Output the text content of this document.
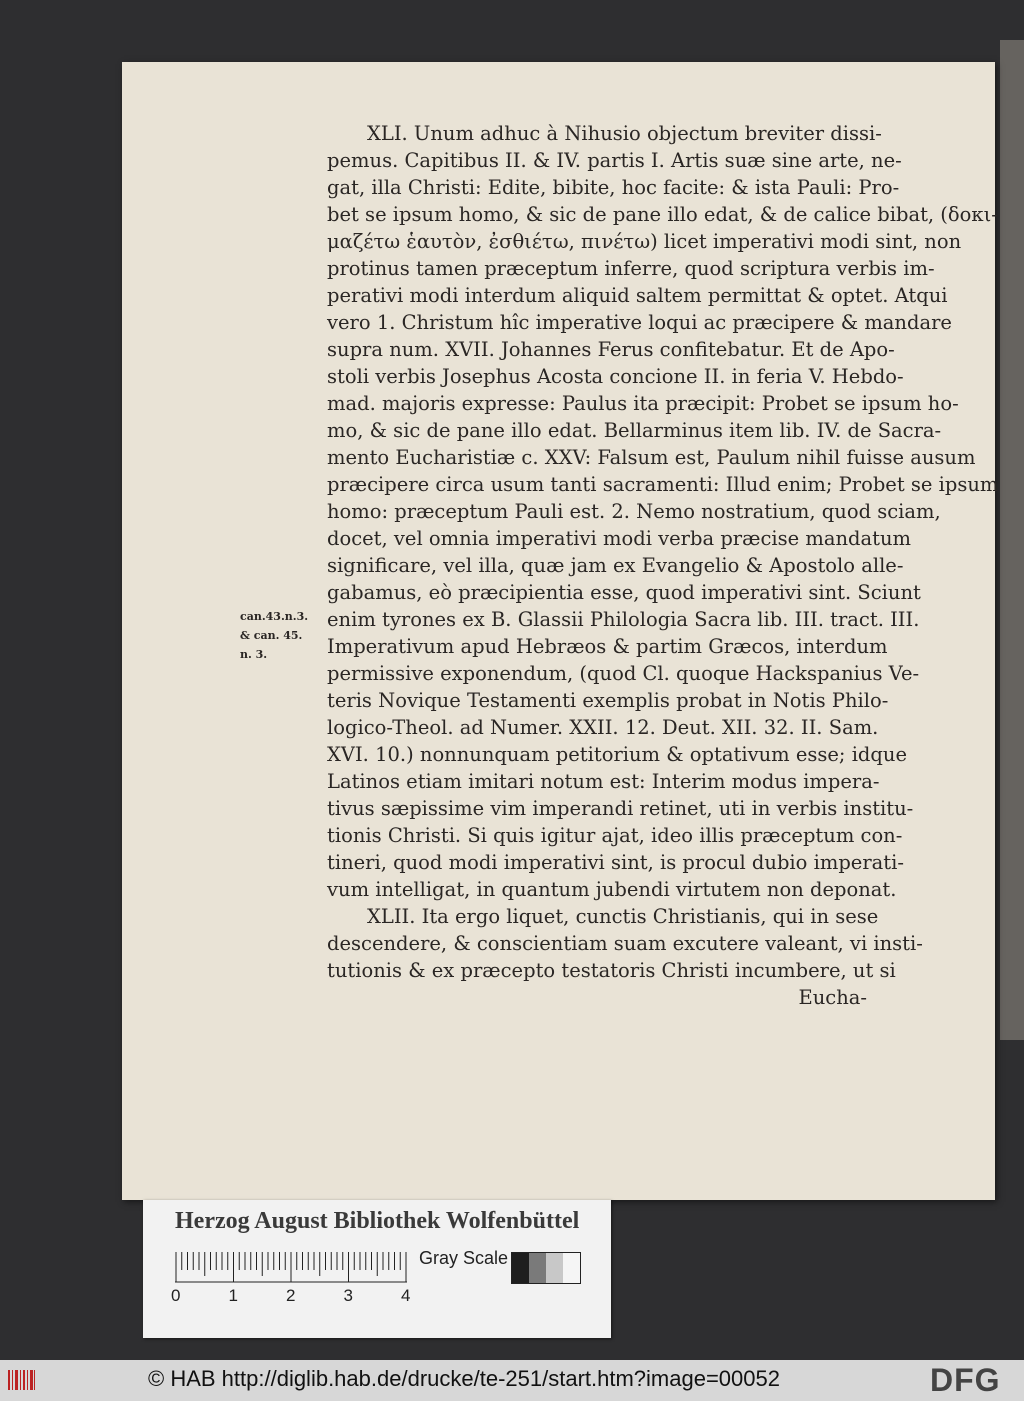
XLI. Unum adhuc à Nihusio objectum breviter dissi-
pemus. Capitibus II. & IV. partis I. Artis suæ sine arte, ne-
gat, illa Christi: Edite, bibite, hoc facite: & ista Pauli: Pro-
bet se ipsum homo, & sic de pane illo edat, & de calice bibat, (δοκι-
μαζέτω ἑαυτὸν, ἐσθιέτω, πινέτω) licet imperativi modi sint, non
protinus tamen præceptum inferre, quod scriptura verbis im-
perativi modi interdum aliquid saltem permittat & optet. Atqui
vero 1. Christum hîc imperative loqui ac præcipere & mandare
supra num. XVII. Johannes Ferus confitebatur. Et de Apo-
stoli verbis Josephus Acosta concione II. in feria V. Hebdo-
mad. majoris expresse: Paulus ita præcipit: Probet se ipsum ho-
mo, & sic de pane illo edat. Bellarminus item lib. IV. de Sacra-
mento Eucharistiæ c. XXV: Falsum est, Paulum nihil fuisse ausum
præcipere circa usum tanti sacramenti: Illud enim; Probet se ipsum
homo: præceptum Pauli est. 2. Nemo nostratium, quod sciam,
docet, vel omnia imperativi modi verba præcise mandatum
significare, vel illa, quæ jam ex Evangelio & Apostolo alle-
gabamus, eò præcipientia esse, quod imperativi sint. Sciunt
enim tyrones ex B. Glassii Philologia Sacra lib. III. tract. III.
Imperativum apud Hebræos & partim Græcos, interdum
permissive exponendum, (quod Cl. quoque Hackspanius Ve-
teris Novique Testamenti exemplis probat in Notis Philo-
logico-Theol. ad Numer. XXII. 12. Deut. XII. 32. II. Sam.
XVI. 10.) nonnunquam petitorium & optativum esse; idque
Latinos etiam imitari notum est: Interim modus impera-
tivus sæpissime vim imperandi retinet, uti in verbis institu-
tionis Christi. Si quis igitur ajat, ideo illis præceptum con-
tineri, quod modi imperativi sint, is procul dubio imperati-
vum intelligat, in quantum jubendi virtutem non deponat.
XLII. Ita ergo liquet, cunctis Christianis, qui in sese
descendere, & conscientiam suam excutere valeant, vi insti-
tutionis & ex præcepto testatoris Christi incumbere, ut si
Eucha-
can.43.n.3.
& can. 45.
n. 3.
Herzog August Bibliothek Wolfenbüttel
0	1	2	3	4
Gray Scale
© HAB http://diglib.hab.de/drucke/te-251/start.htm?image=00052	DFG
